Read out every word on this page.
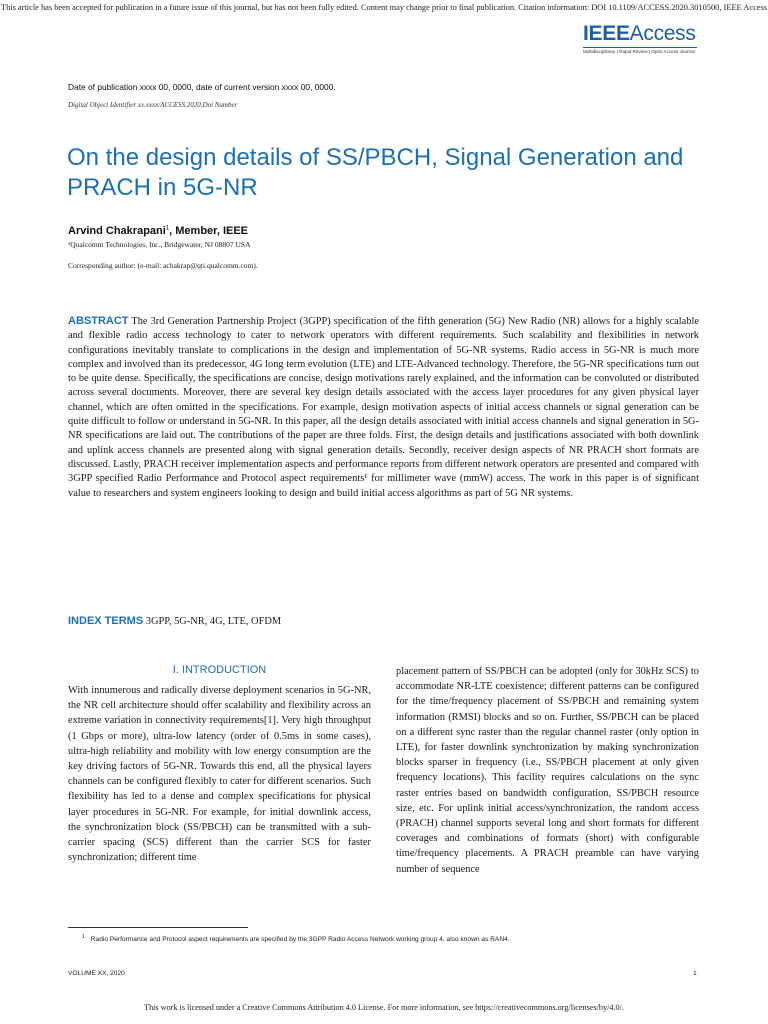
This article has been accepted for publication in a future issue of this journal, but has not been fully edited. Content may change prior to final publication. Citation information: DOI 10.1109/ACCESS.2020.3010500, IEEE Access
IEEEAccess
Multidisciplinary | Rapid Review | Open Access Journal
Date of publication xxxx 00, 0000, date of current version xxxx 00, 0000.
Digital Object Identifier xx.xxxx/ACCESS.2020.Doi Number
On the design details of SS/PBCH, Signal Generation and PRACH in 5G-NR
Arvind Chakrapani$^1$, Member, IEEE
¹Qualcomm Technologies, Inc., Bridgewater, NJ 08807 USA
Corresponding author: (e-mail: achakrap@qti.qualcomm.com).
ABSTRACT The 3rd Generation Partnership Project (3GPP) specification of the fifth generation (5G) New Radio (NR) allows for a highly scalable and flexible radio access technology to cater to network operators with different requirements. Such scalability and flexibilities in network configurations inevitably translate to complications in the design and implementation of 5G-NR systems. Radio access in 5G-NR is much more complex and involved than its predecessor, 4G long term evolution (LTE) and LTE-Advanced technology. Therefore, the 5G-NR specifications turn out to be quite dense. Specifically, the specifications are concise, design motivations rarely explained, and the information can be convoluted or distributed across several documents. Moreover, there are several key design details associated with the access layer procedures for any given physical layer channel, which are often omitted in the specifications. For example, design motivation aspects of initial access channels or signal generation can be quite difficult to follow or understand in 5G-NR. In this paper, all the design details associated with initial access channels and signal generation in 5G-NR specifications are laid out. The contributions of the paper are three folds. First, the design details and justifications associated with both downlink and uplink access channels are presented along with signal generation details. Secondly, receiver design aspects of NR PRACH short formats are discussed. Lastly, PRACH receiver implementation aspects and performance reports from different network operators are presented and compared with 3GPP specified Radio Performance and Protocol aspect requirements¹ for millimeter wave (mmW) access. The work in this paper is of significant value to researchers and system engineers looking to design and build initial access algorithms as part of 5G NR systems.
INDEX TERMS 3GPP, 5G-NR, 4G, LTE, OFDM
I. INTRODUCTION
With innumerous and radically diverse deployment scenarios in 5G-NR, the NR cell architecture should offer scalability and flexibility across an extreme variation in connectivity requirements[1]. Very high throughput (1 Gbps or more), ultra-low latency (order of 0.5ms in some cases), ultra-high reliability and mobility with low energy consumption are the key driving factors of 5G-NR. Towards this end, all the physical layers channels can be configured flexibly to cater for different scenarios. Such flexibility has led to a dense and complex specifications for physical layer procedures in 5G-NR. For example, for initial downlink access, the synchronization block (SS/PBCH) can be transmitted with a sub-carrier spacing (SCS) different than the carrier SCS for faster synchronization; different time
placement pattern of SS/PBCH can be adopted (only for 30kHz SCS) to accommodate NR-LTE coexistence; different patterns can be configured for the time/frequency placement of SS/PBCH and remaining system information (RMSI) blocks and so on. Further, SS/PBCH can be placed on a different sync raster than the regular channel raster (only option in LTE), for faster downlink synchronization by making synchronization blocks sparser in frequency (i.e., SS/PBCH placement at only given frequency locations). This facility requires calculations on the sync raster entries based on bandwidth configuration, SS/PBCH resource size, etc. For uplink initial access/synchronization, the random access (PRACH) channel supports several long and short formats for different coverages and combinations of formats (short) with configurable time/frequency placements. A PRACH preamble can have varying number of sequence
$^1$ Radio Performance and Protocol aspect requirements are specified by the 3GPP Radio Access Network working group 4, also known as RAN4.
VOLUME XX, 2020	1
This work is licensed under a Creative Commons Attribution 4.0 License. For more information, see https://creativecommons.org/licenses/by/4.0/.
